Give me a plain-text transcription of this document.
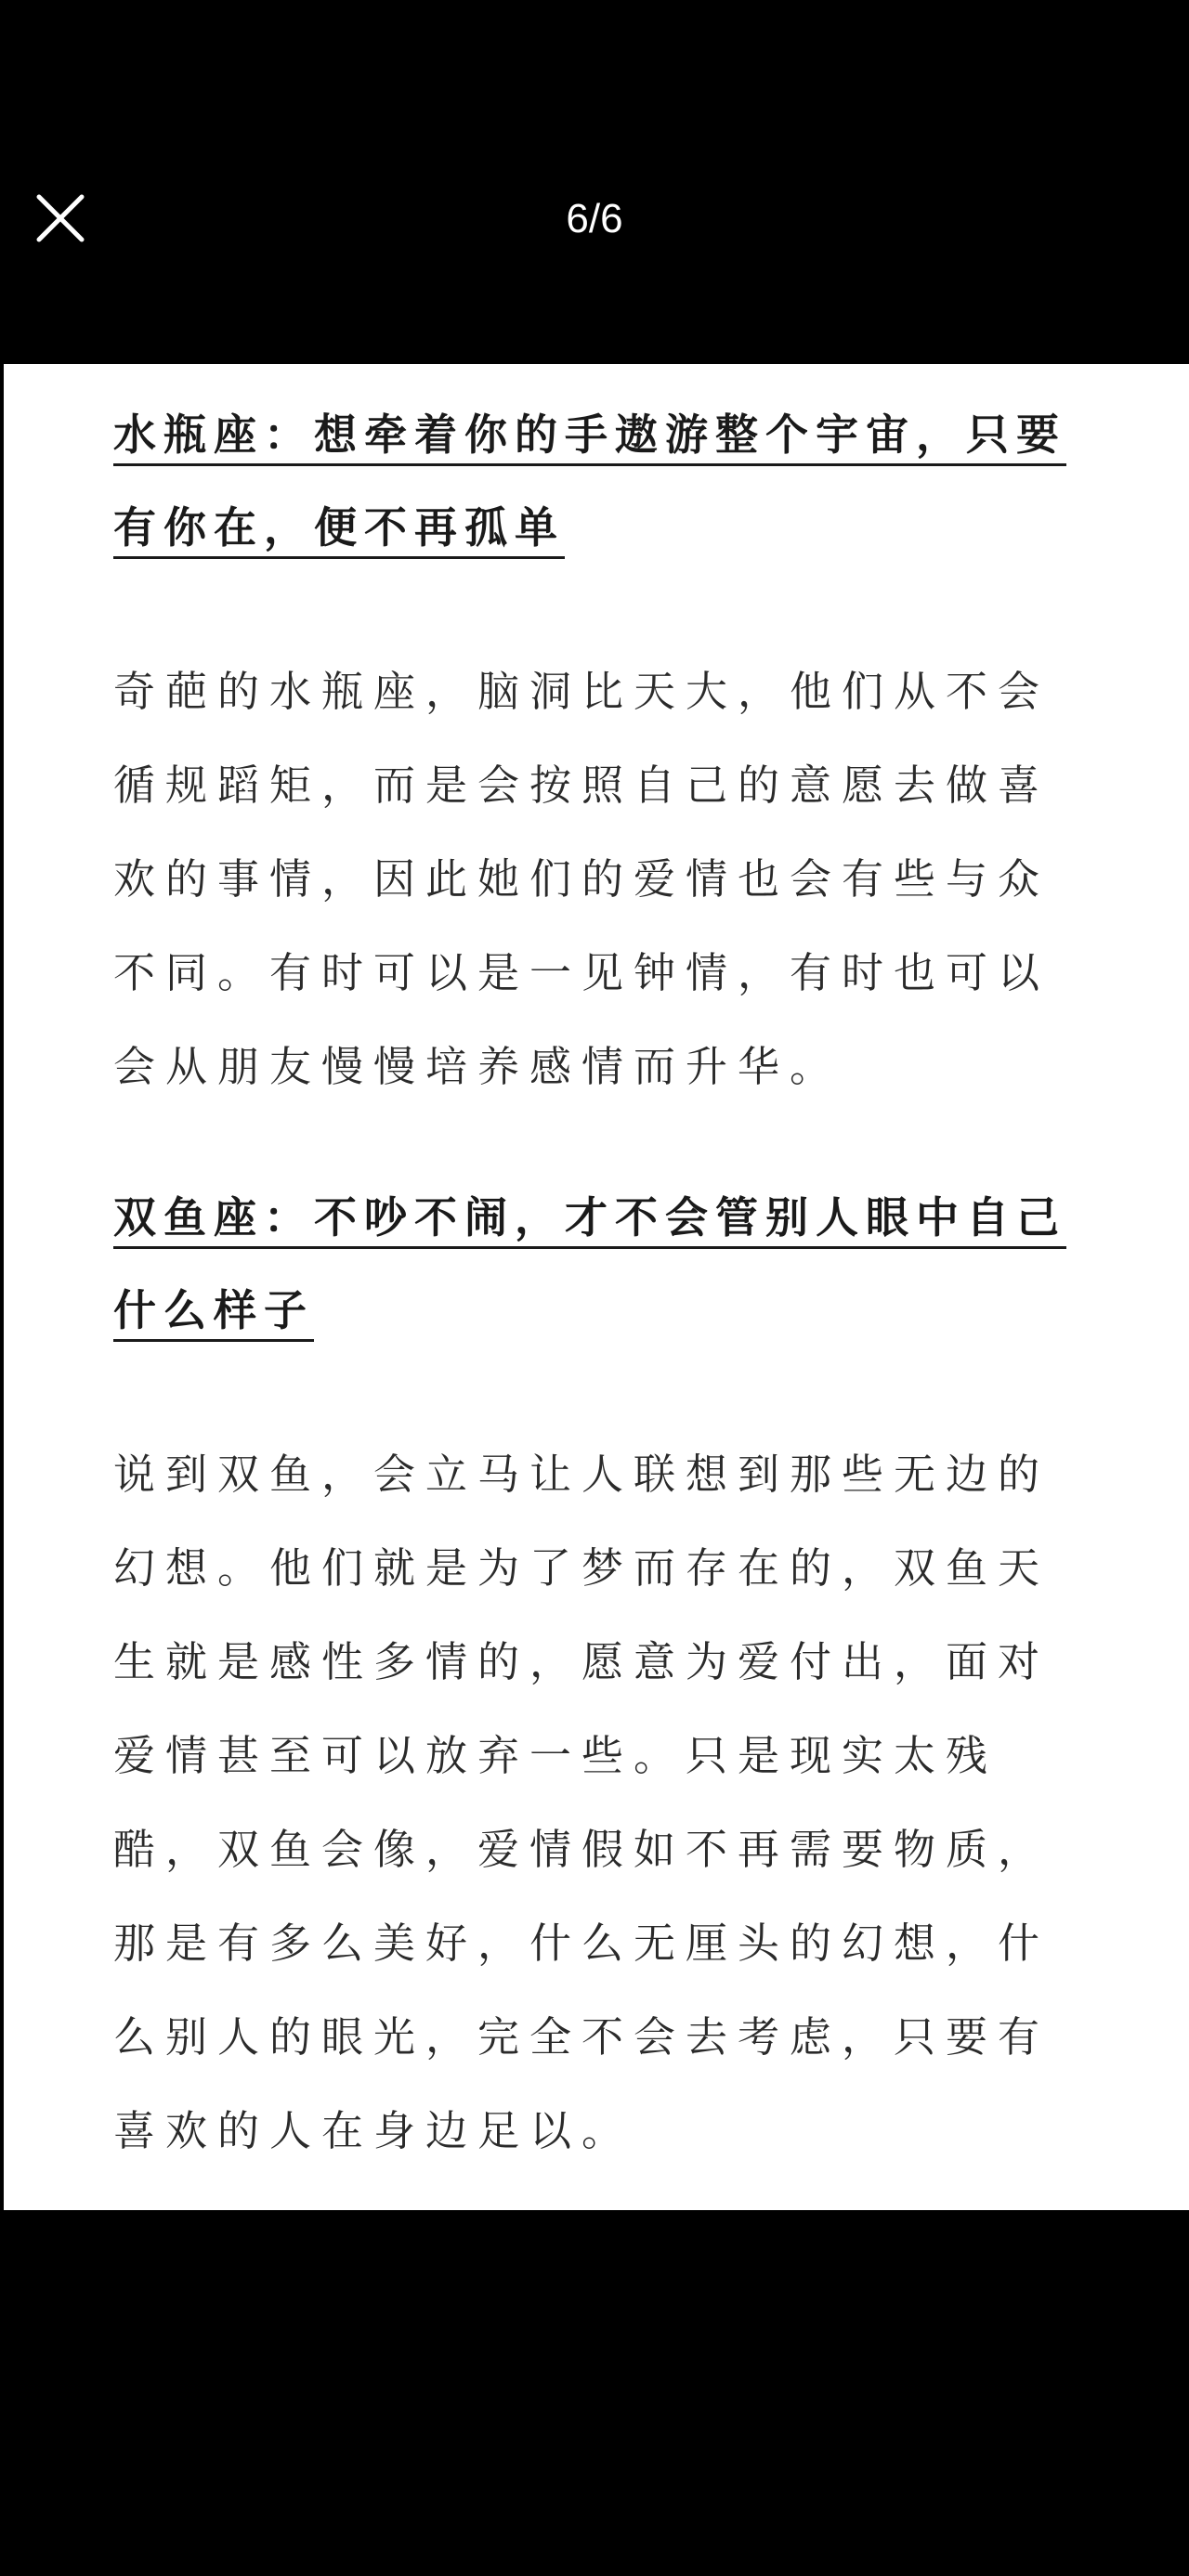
6/6
水瓶座：想牵着你的手遨游整个宇宙，只要有你在，便不再孤单

奇葩的水瓶座，脑洞比天大，他们从不会循规蹈矩，而是会按照自己的意愿去做喜欢的事情，因此她们的爱情也会有些与众不同。有时可以是一见钟情，有时也可以会从朋友慢慢培养感情而升华。

双鱼座：不吵不闹，才不会管别人眼中自己什么样子

说到双鱼，会立马让人联想到那些无边的幻想。他们就是为了梦而存在的，双鱼天生就是感性多情的，愿意为爱付出，面对爱情甚至可以放弃一些。只是现实太残酷，双鱼会像，爱情假如不再需要物质，那是有多么美好，什么无厘头的幻想，什么别人的眼光，完全不会去考虑，只要有喜欢的人在身边足以。
